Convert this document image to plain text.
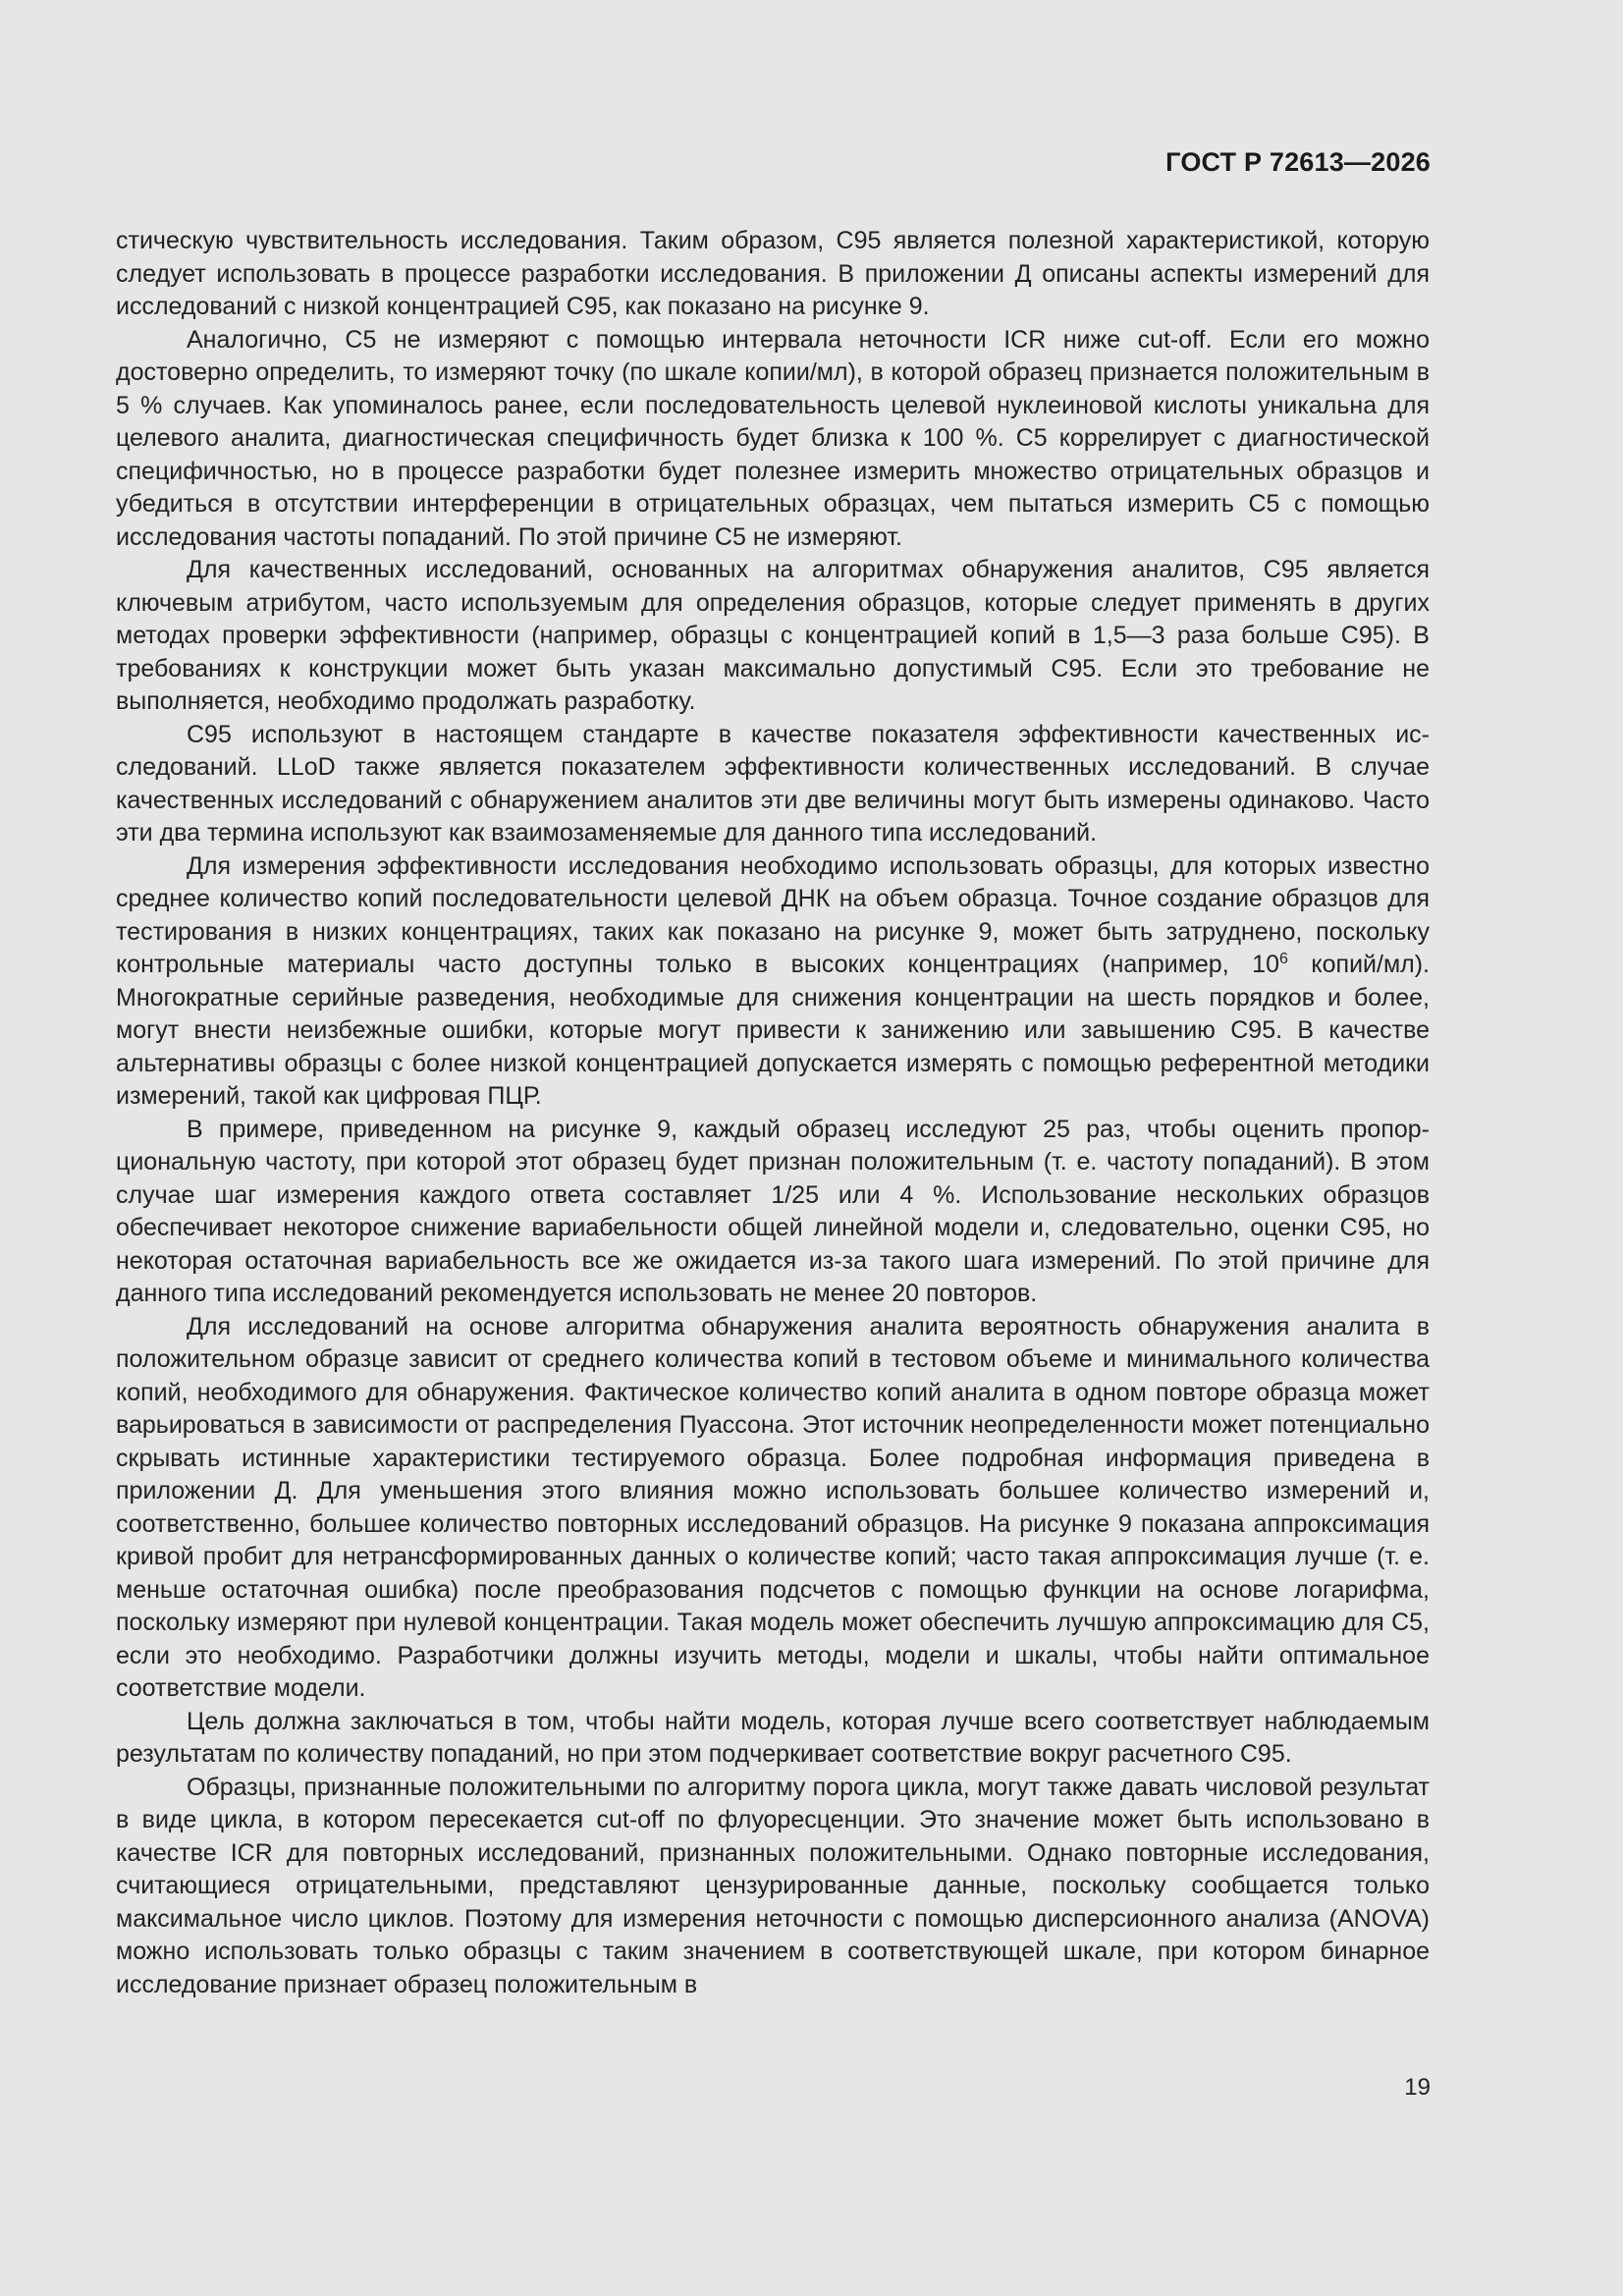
ГОСТ Р 72613—2026

стическую чувствительность исследования. Таким образом, С95 является полезной характеристикой, которую следует использовать в процессе разработки исследования. В приложении Д описаны аспекты измерений для исследований с низкой концентрацией С95, как показано на рисунке 9.

Аналогично, С5 не измеряют с помощью интервала неточности ICR ниже cut-off. Если его можно достоверно определить, то измеряют точку (по шкале копии/мл), в которой образец признается положительным в 5 % случаев. Как упоминалось ранее, если последовательность целевой нуклеиновой кислоты уникальна для целевого аналита, диагностическая специфичность будет близка к 100 %. С5 коррелирует с диагностической специфичностью, но в процессе разработки будет полезнее измерить множество отрицательных образцов и убедиться в отсутствии интерференции в отрицательных образцах, чем пытаться измерить С5 с помощью исследования частоты попаданий. По этой причине С5 не измеряют.

Для качественных исследований, основанных на алгоритмах обнаружения аналитов, С95 является ключевым атрибутом, часто используемым для определения образцов, которые следует применять в других методах проверки эффективности (например, образцы с концентрацией копий в 1,5—3 раза больше С95). В требованиях к конструкции может быть указан максимально допустимый С95. Если это требование не выполняется, необходимо продолжать разработку.

С95 используют в настоящем стандарте в качестве показателя эффективности качественных исследований. LLoD также является показателем эффективности количественных исследований. В случае качественных исследований с обнаружением аналитов эти две величины могут быть измерены одинаково. Часто эти два термина используют как взаимозаменяемые для данного типа исследований.

Для измерения эффективности исследования необходимо использовать образцы, для которых известно среднее количество копий последовательности целевой ДНК на объем образца. Точное создание образцов для тестирования в низких концентрациях, таких как показано на рисунке 9, может быть затруднено, поскольку контрольные материалы часто доступны только в высоких концентрациях (например, $10^6$ копий/мл). Многократные серийные разведения, необходимые для снижения концентрации на шесть порядков и более, могут внести неизбежные ошибки, которые могут привести к занижению или завышению С95. В качестве альтернативы образцы с более низкой концентрацией допускается измерять с помощью референтной методики измерений, такой как цифровая ПЦР.

В примере, приведенном на рисунке 9, каждый образец исследуют 25 раз, чтобы оценить пропорциональную частоту, при которой этот образец будет признан положительным (т. е. частоту попаданий). В этом случае шаг измерения каждого ответа составляет 1/25 или 4 %. Использование нескольких образцов обеспечивает некоторое снижение вариабельности общей линейной модели и, следовательно, оценки С95, но некоторая остаточная вариабельность все же ожидается из-за такого шага измерений. По этой причине для данного типа исследований рекомендуется использовать не менее 20 повторов.

Для исследований на основе алгоритма обнаружения аналита вероятность обнаружения аналита в положительном образце зависит от среднего количества копий в тестовом объеме и минимального количества копий, необходимого для обнаружения. Фактическое количество копий аналита в одном повторе образца может варьироваться в зависимости от распределения Пуассона. Этот источник неопределенности может потенциально скрывать истинные характеристики тестируемого образца. Более подробная информация приведена в приложении Д. Для уменьшения этого влияния можно использовать большее количество измерений и, соответственно, большее количество повторных исследований образцов. На рисунке 9 показана аппроксимация кривой пробит для нетрансформированных данных о количестве копий; часто такая аппроксимация лучше (т. е. меньше остаточная ошибка) после преобразования подсчетов с помощью функции на основе логарифма, поскольку измеряют при нулевой концентрации. Такая модель может обеспечить лучшую аппроксимацию для С5, если это необходимо. Разработчики должны изучить методы, модели и шкалы, чтобы найти оптимальное соответствие модели.

Цель должна заключаться в том, чтобы найти модель, которая лучше всего соответствует наблюдаемым результатам по количеству попаданий, но при этом подчеркивает соответствие вокруг расчетного С95.

Образцы, признанные положительными по алгоритму порога цикла, могут также давать числовой результат в виде цикла, в котором пересекается cut-off по флуоресценции. Это значение может быть использовано в качестве ICR для повторных исследований, признанных положительными. Однако повторные исследования, считающиеся отрицательными, представляют цензурированные данные, поскольку сообщается только максимальное число циклов. Поэтому для измерения неточности с помощью дисперсионного анализа (ANOVA) можно использовать только образцы с таким значением в соответствующей шкале, при котором бинарное исследование признает образец положительным в

19
